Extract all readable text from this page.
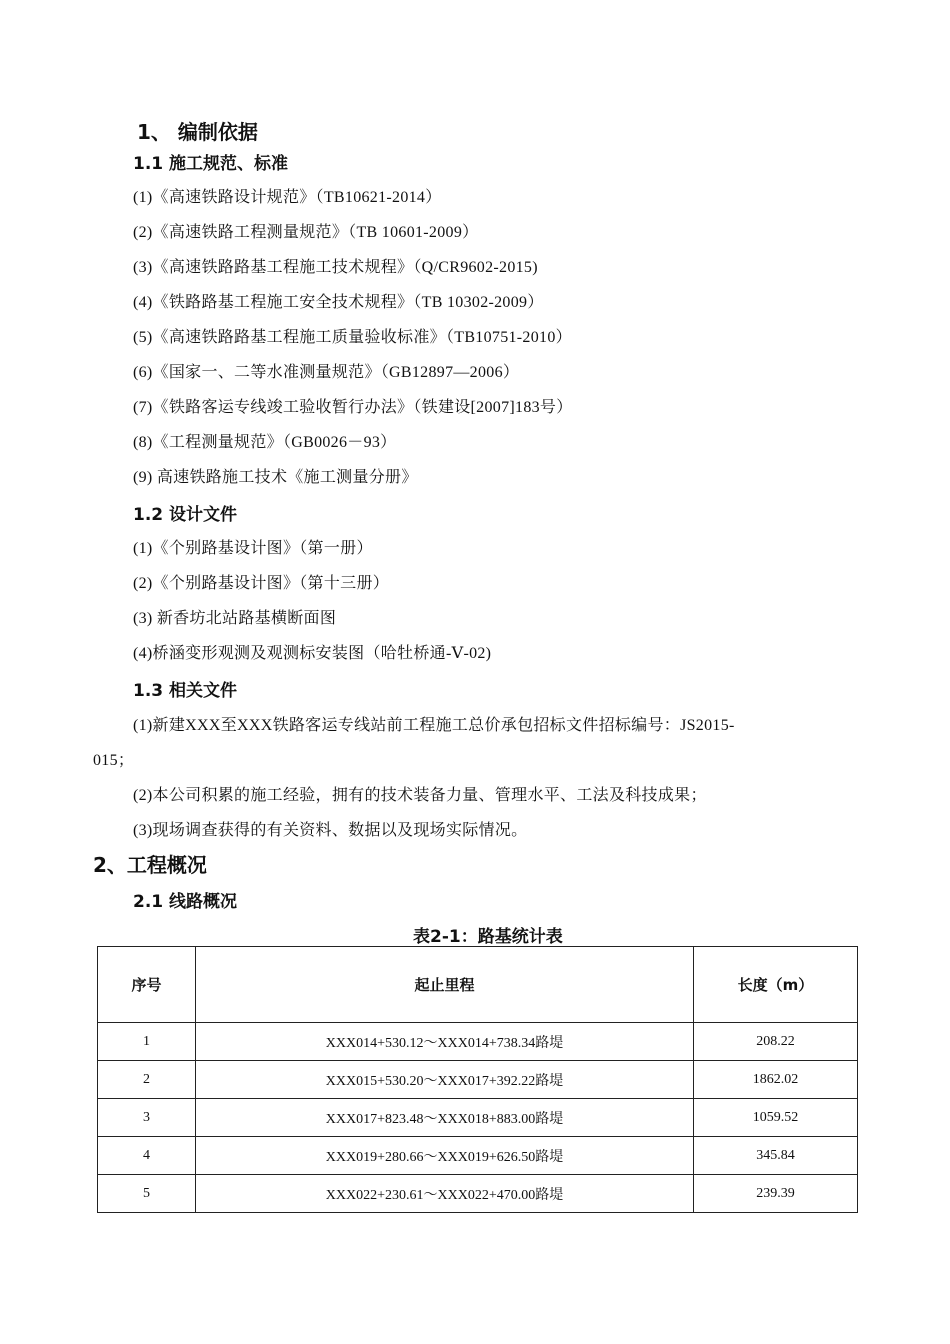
1、 编制依据
1.1 施工规范、标准
(1)《高速铁路设计规范》（TB10621-2014）
(2)《高速铁路工程测量规范》（TB 10601-2009）
(3)《高速铁路路基工程施工技术规程》（Q/CR9602-2015)
(4)《铁路路基工程施工安全技术规程》（TB 10302-2009）
(5)《高速铁路路基工程施工质量验收标准》（TB10751-2010）
(6)《国家一、二等水准测量规范》（GB12897—2006）
(7)《铁路客运专线竣工验收暂行办法》（铁建设[2007]183号）
(8)《工程测量规范》（GB0026－93）
(9) 高速铁路施工技术《施工测量分册》
1.2 设计文件
(1)《个别路基设计图》（第一册）
(2)《个别路基设计图》（第十三册）
(3) 新香坊北站路基横断面图
(4)桥涵变形观测及观测标安装图（哈牡桥通-Ⅴ-02)
1.3 相关文件
(1)新建XXX至XXX铁路客运专线站前工程施工总价承包招标文件招标编号：JS2015-
015；
(2)本公司积累的施工经验，拥有的技术装备力量、管理水平、工法及科技成果；
(3)现场调查获得的有关资料、数据以及现场实际情况。
2、工程概况
2.1 线路概况
表2-1：路基统计表
序号	起止里程	长度（m）
1	XXX014+530.12～XXX014+738.34路堤	208.22
2	XXX015+530.20～XXX017+392.22路堤	1862.02
3	XXX017+823.48～XXX018+883.00路堤	1059.52
4	XXX019+280.66～XXX019+626.50路堤	345.84
5	XXX022+230.61～XXX022+470.00路堤	239.39
